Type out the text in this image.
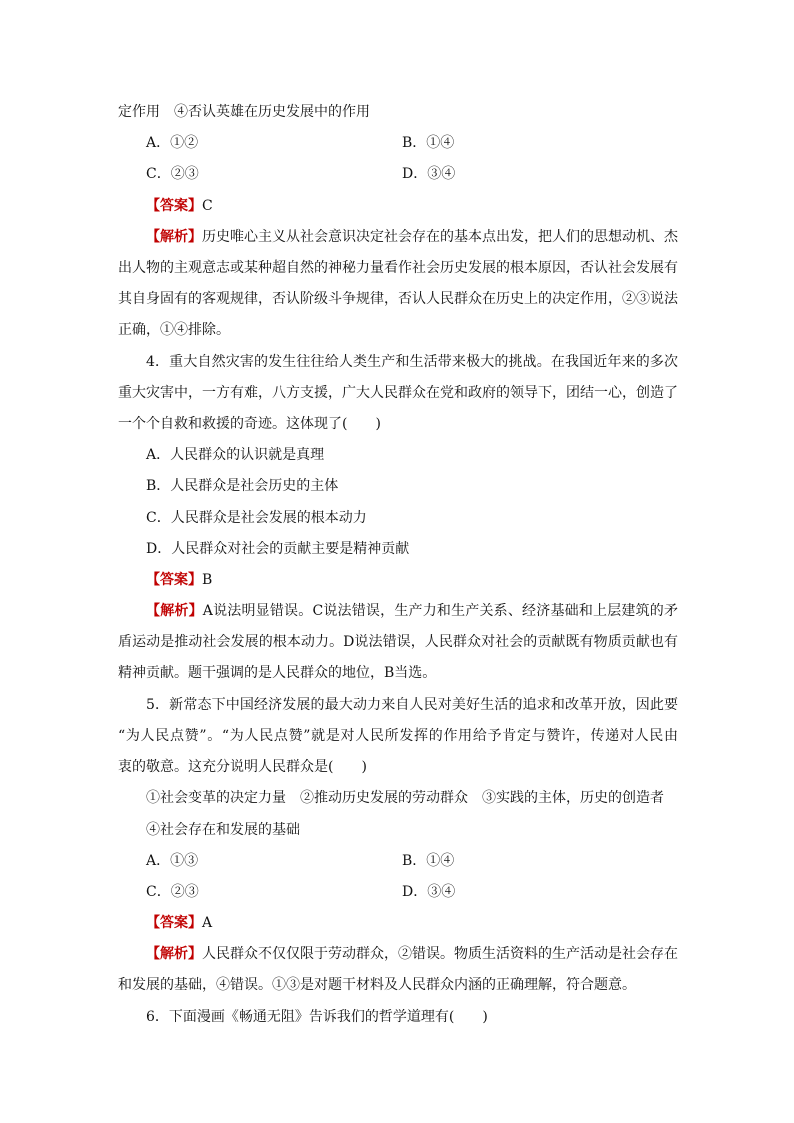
定作用　④否认英雄在历史发展中的作用
A．①②	B．①④
C．②③	D．③④
【答案】C
【解析】历史唯心主义从社会意识决定社会存在的基本点出发，把人们的思想动机、杰
出人物的主观意志或某种超自然的神秘力量看作社会历史发展的根本原因，否认社会发展有
其自身固有的客观规律，否认阶级斗争规律，否认人民群众在历史上的决定作用，②③说法
正确，①④排除。
4．重大自然灾害的发生往往给人类生产和生活带来极大的挑战。在我国近年来的多次
重大灾害中，一方有难，八方支援，广大人民群众在党和政府的领导下，团结一心，创造了
一个个自救和救援的奇迹。这体现了(　　)
A．人民群众的认识就是真理
B．人民群众是社会历史的主体
C．人民群众是社会发展的根本动力
D．人民群众对社会的贡献主要是精神贡献
【答案】B
【解析】A说法明显错误。C说法错误，生产力和生产关系、经济基础和上层建筑的矛
盾运动是推动社会发展的根本动力。D说法错误，人民群众对社会的贡献既有物质贡献也有
精神贡献。题干强调的是人民群众的地位，B当选。
5．新常态下中国经济发展的最大动力来自人民对美好生活的追求和改革开放，因此要
“为人民点赞”。“为人民点赞”就是对人民所发挥的作用给予肯定与赞许，传递对人民由
衷的敬意。这充分说明人民群众是(　　)
①社会变革的决定力量　②推动历史发展的劳动群众　③实践的主体，历史的创造者
④社会存在和发展的基础
A．①③	B．①④
C．②③	D．③④
【答案】A
【解析】人民群众不仅仅限于劳动群众，②错误。物质生活资料的生产活动是社会存在
和发展的基础，④错误。①③是对题干材料及人民群众内涵的正确理解，符合题意。
6．下面漫画《畅通无阻》告诉我们的哲学道理有(　　)
